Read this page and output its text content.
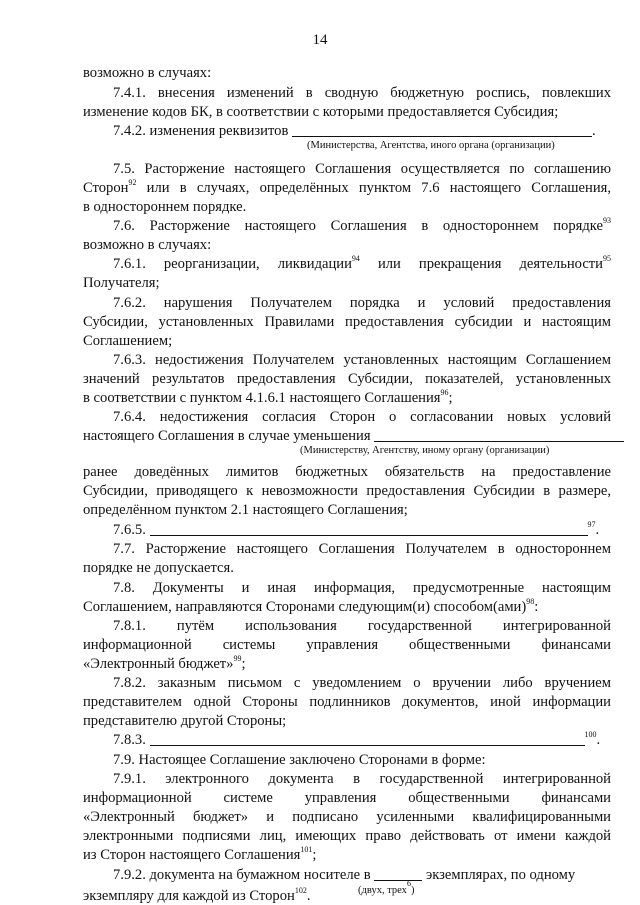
14
возможно в случаях:
7.4.1. внесения изменений в сводную бюджетную роспись, повлекших
изменение кодов БК, в соответствии с которыми предоставляется Субсидия;
7.4.2. изменения реквизитов	.
(Министерства, Агентства, иного органа (организации)
7.5. Расторжение настоящего Соглашения осуществляется по соглашению
Сторон$^{92}$ или в случаях, определённых пунктом 7.6 настоящего Соглашения,
в одностороннем порядке.
7.6. Расторжение настоящего Соглашения в одностороннем порядке$^{93}$
возможно в случаях:
7.6.1. реорганизации, ликвидации$^{94}$ или прекращения деятельности$^{95}$
Получателя;
7.6.2. нарушения Получателем порядка и условий предоставления
Субсидии, установленных Правилами предоставления субсидии и настоящим
Соглашением;
7.6.3. недостижения Получателем установленных настоящим Соглашением
значений результатов предоставления Субсидии, показателей, установленных
в соответствии с пунктом 4.1.6.1 настоящего Соглашения$^{96}$;
7.6.4. недостижения согласия Сторон о согласовании новых условий
настоящего Соглашения в случае уменьшения
(Министерству, Агентству, иному органу (организации)
ранее доведённых лимитов бюджетных обязательств на предоставление
Субсидии, приводящего к невозможности предоставления Субсидии в размере,
определённом пунктом 2.1 настоящего Соглашения;
7.6.5.	$^{97}$.
7.7. Расторжение настоящего Соглашения Получателем в одностороннем
порядке не допускается.
7.8. Документы и иная информация, предусмотренные настоящим
Соглашением, направляются Сторонами следующим(и) способом(ами)$^{98}$:
7.8.1. путём использования государственной интегрированной
информационной системы управления общественными финансами
«Электронный бюджет»$^{99}$;
7.8.2. заказным письмом с уведомлением о вручении либо вручением
представителем одной Стороны подлинников документов, иной информации
представителю другой Стороны;
7.8.3.	$^{100}$.
7.9. Настоящее Соглашение заключено Сторонами в форме:
7.9.1. электронного документа в государственной интегрированной
информационной системе управления общественными финансами
«Электронный бюджет» и подписано усиленными квалифицированными
электронными подписями лиц, имеющих право действовать от имени каждой
из Сторон настоящего Соглашения$^{101}$;
7.9.2. документа на бумажном носителе в	экземплярах, по одному
(двух, трех$^6$)
экземпляру для каждой из Сторон$^{102}$.
